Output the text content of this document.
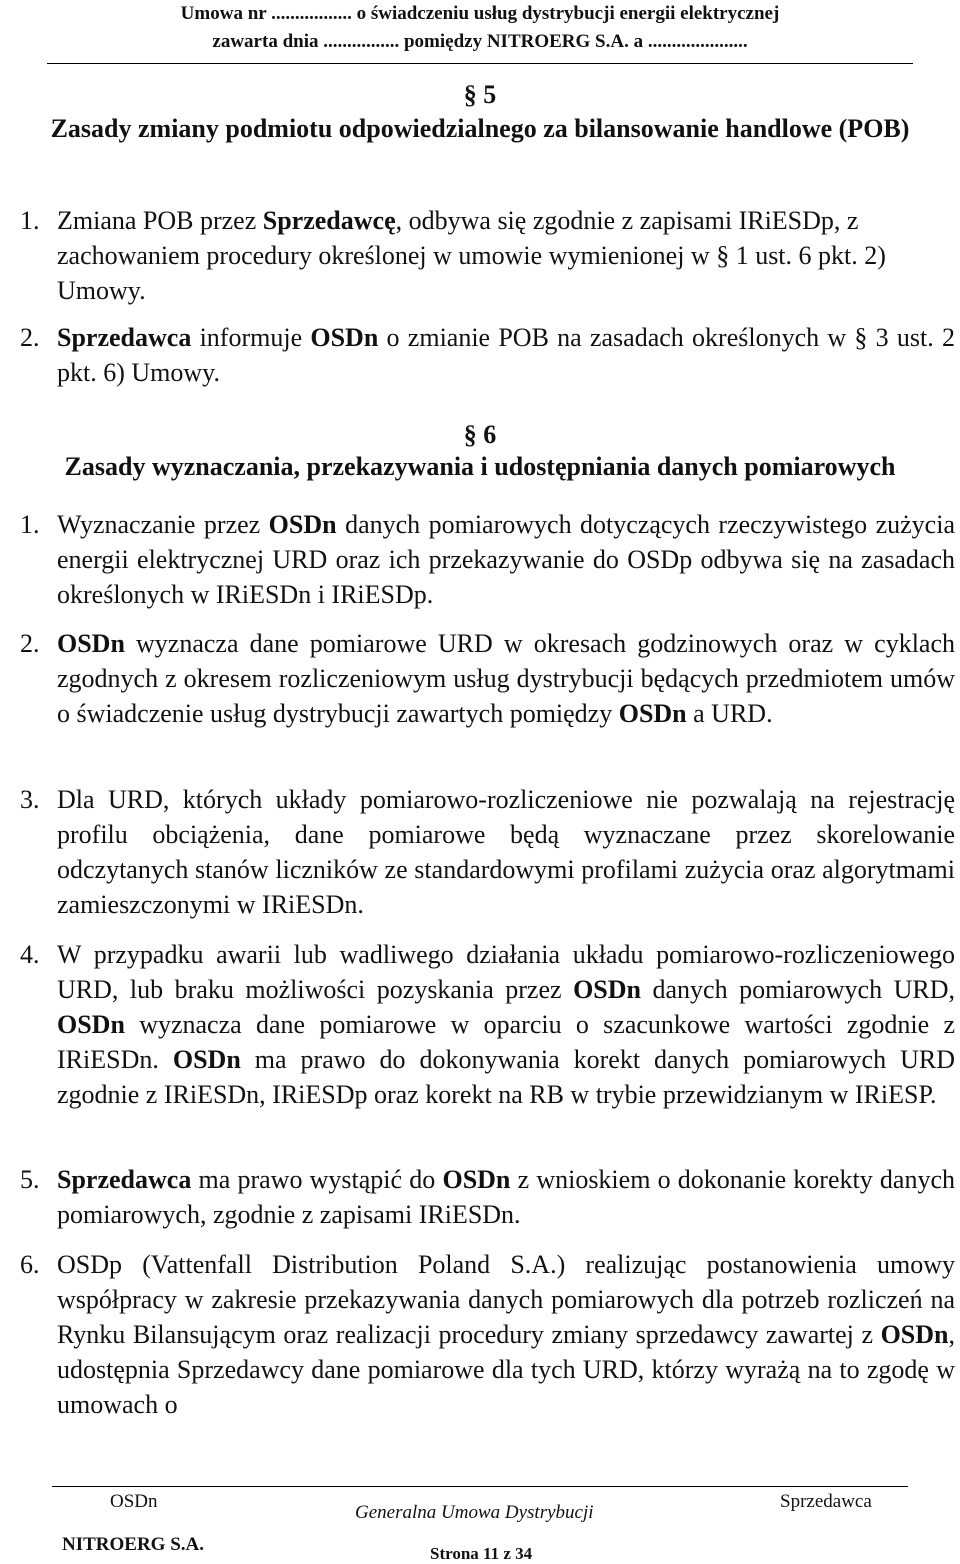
Umowa nr ................. o świadczeniu usług dystrybucji energii elektrycznej
zawarta dnia ................ pomiędzy NITROERG S.A. a .....................
§ 5
Zasady zmiany podmiotu odpowiedzialnego za bilansowanie handlowe (POB)
1. Zmiana POB przez Sprzedawcę, odbywa się zgodnie z zapisami IRiESDp, z zachowaniem procedury określonej w umowie wymienionej w § 1 ust. 6 pkt. 2) Umowy.
2. Sprzedawca informuje OSDn o zmianie POB na zasadach określonych w § 3 ust. 2 pkt. 6) Umowy.
§ 6
Zasady wyznaczania, przekazywania i udostępniania danych pomiarowych
1. Wyznaczanie przez OSDn danych pomiarowych dotyczących rzeczywistego zużycia energii elektrycznej URD oraz ich przekazywanie do OSDp odbywa się na zasadach określonych w IRiESDn i IRiESDp.
2. OSDn wyznacza dane pomiarowe URD w okresach godzinowych oraz w cyklach zgodnych z okresem rozliczeniowym usług dystrybucji będących przedmiotem umów o świadczenie usług dystrybucji zawartych pomiędzy OSDn a URD.
3. Dla URD, których układy pomiarowo-rozliczeniowe nie pozwalają na rejestrację profilu obciążenia, dane pomiarowe będą wyznaczane przez skorelowanie odczytanych stanów liczników ze standardowymi profilami zużycia oraz algorytmami zamieszczonymi w IRiESDn.
4. W przypadku awarii lub wadliwego działania układu pomiarowo-rozliczeniowego URD, lub braku możliwości pozyskania przez OSDn danych pomiarowych URD, OSDn wyznacza dane pomiarowe w oparciu o szacunkowe wartości zgodnie z IRiESDn. OSDn ma prawo do dokonywania korekt danych pomiarowych URD zgodnie z IRiESDn, IRiESDp oraz korekt na RB w trybie przewidzianym w IRiESP.
5. Sprzedawca ma prawo wystąpić do OSDn z wnioskiem o dokonanie korekty danych pomiarowych, zgodnie z zapisami IRiESDn.
6. OSDp (Vattenfall Distribution Poland S.A.) realizując postanowienia umowy współpracy w zakresie przekazywania danych pomiarowych dla potrzeb rozliczeń na Rynku Bilansującym oraz realizacji procedury zmiany sprzedawcy zawartej z OSDn, udostępnia Sprzedawcy dane pomiarowe dla tych URD, którzy wyrażą na to zgodę w umowach o
OSDn
Generalna Umowa Dystrybucji
Sprzedawca
NITROERG S.A.	Strona 11 z 34
